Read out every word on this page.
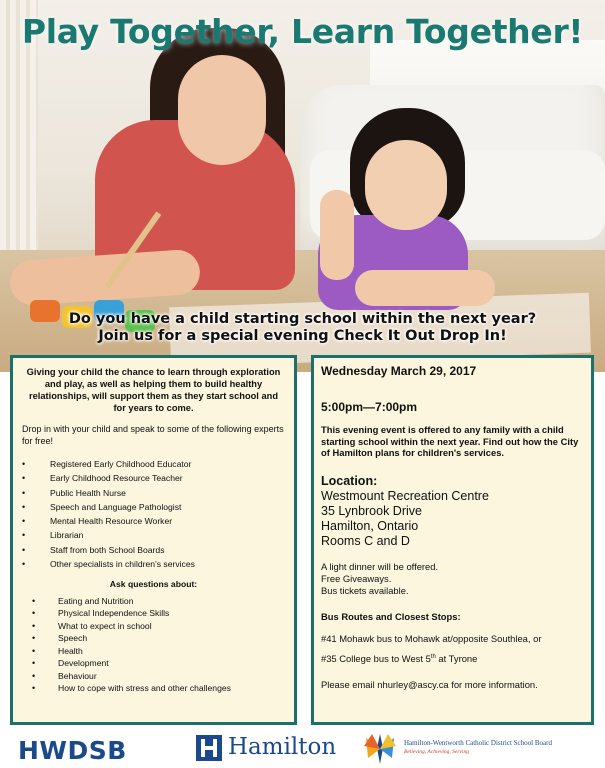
Play Together, Learn Together!
Do you have a child starting school within the next year?
Join us for a special evening Check It Out Drop In!

Giving your child the chance to learn through exploration and play, as well as helping them to build healthy relationships, will support them as they start school and for years to come.

Drop in with your child and speak to some of the following experts for free!

•	Registered Early Childhood Educator
•	Early Childhood Resource Teacher
•	Public Health Nurse
•	Speech and Language Pathologist
•	Mental Health Resource Worker
•	Librarian
•	Staff from both School Boards
•	Other specialists in children's services

Ask questions about:

•	Eating and Nutrition
•	Physical Independence Skills
•	What to expect in school
•	Speech
•	Health
•	Development
•	Behaviour
•	How to cope with stress and other challenges

Wednesday March 29, 2017

5:00pm—7:00pm

This evening event is offered to any family with a child starting school within the next year. Find out how the City of Hamilton plans for children's services.

Location:

Westmount Recreation Centre
35 Lynbrook Drive
Hamilton, Ontario
Rooms C and D
A light dinner will be offered.
Free Giveaways.
Bus tickets available.

Bus Routes and Closest Stops:

#41 Mohawk bus to Mohawk at/opposite Southlea, or

#35 College bus to West 5th at Tyrone

Please email nhurley@ascy.ca for more information.

HWDSB	Hamilton	Hamilton-Wentworth Catholic District School Board
Believing, Achieving, Serving
